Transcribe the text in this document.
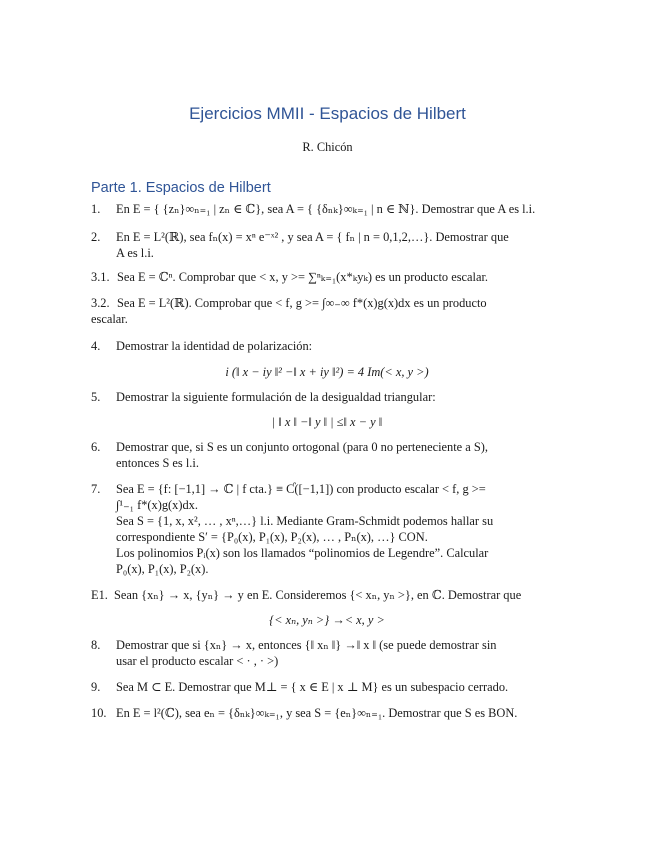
Ejercicios MMII - Espacios de Hilbert
R. Chicón
Parte 1. Espacios de Hilbert
1. En E = { {zₙ}∞ₙ₌₁ | zₙ ∈ ℂ}, sea A = { {δₙₖ}∞ₖ₌₁ | n ∈ ℕ}. Demostrar que A es l.i.
2. En E = L²(ℝ), sea fₙ(x) = xⁿ e⁻ˣ² , y sea A = { fₙ | n = 0,1,2,…}. Demostrar que
A es l.i.
3.1. Sea E = ℂⁿ. Comprobar que < x, y >= ∑ⁿₖ₌₁(x*ₖyₖ) es un producto escalar.
3.2. Sea E = L²(ℝ). Comprobar que < f, g >= ∫∞₋∞ f*(x)g(x)dx es un producto
escalar.
4. Demostrar la identidad de polarización:
i (‖ x − iy ‖² −‖ x + iy ‖²) = 4 Im(< x, y >)
5. Demostrar la siguiente formulación de la desigualdad triangular:
| ‖ x ‖ −‖ y ‖ | ≤‖ x − y ‖
6. Demostrar que, si S es un conjunto ortogonal (para 0 no perteneciente a S),
entonces S es l.i.
7. Sea E = {f: [−1,1] → ℂ | f cta.} ≡ Ƈ([−1,1]) con producto escalar < f, g >=
∫¹₋₁ f*(x)g(x)dx.
Sea S = {1, x, x², … , xⁿ,…} l.i. Mediante Gram-Schmidt podemos hallar su
correspondiente S′ = {P₀(x), P₁(x), P₂(x), … , Pₙ(x), …} CON.
Los polinomios Pᵢ(x) son los llamados “polinomios de Legendre”. Calcular
P₀(x), P₁(x), P₂(x).
E1. Sean {xₙ} → x, {yₙ} → y en E. Consideremos {< xₙ, yₙ >}, en ℂ. Demostrar que
{< xₙ, yₙ >} →< x, y >
8. Demostrar que si {xₙ} → x, entonces {‖ xₙ ‖} →‖ x ‖ (se puede demostrar sin
usar el producto escalar < · , · >)
9. Sea M ⊂ E. Demostrar que M⊥ = { x ∈ E | x ⊥ M} es un subespacio cerrado.
10. En E = l²(ℂ), sea eₙ = {δₙₖ}∞ₖ₌₁, y sea S = {eₙ}∞ₙ₌₁. Demostrar que S es BON.
